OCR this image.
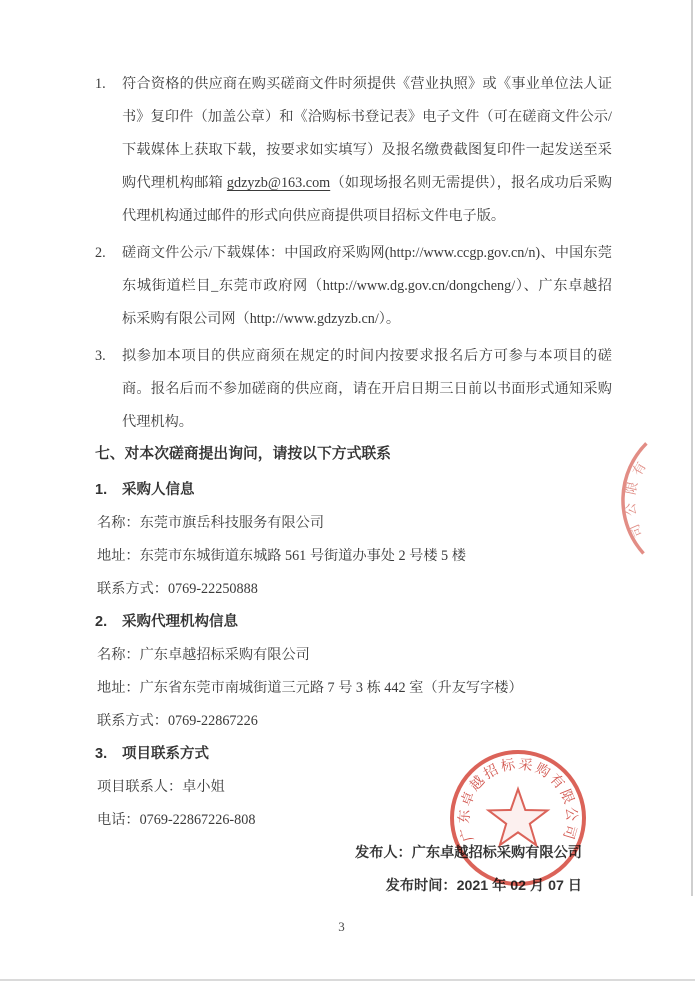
1.	符合资格的供应商在购买磋商文件时须提供《营业执照》或《事业单位法人证书》复印件（加盖公章）和《洽购标书登记表》电子文件（可在磋商文件公示/下载媒体上获取下载，按要求如实填写）及报名缴费截图复印件一起发送至采购代理机构邮箱 gdzyzb@163.com（如现场报名则无需提供），报名成功后采购代理机构通过邮件的形式向供应商提供项目招标文件电子版。
2.	磋商文件公示/下载媒体：中国政府采购网(http://www.ccgp.gov.cn/n)、中国东莞东城街道栏目_东莞市政府网（http://www.dg.gov.cn/dongcheng/）、广东卓越招标采购有限公司网（http://www.gdzyzb.cn/）。
3.	拟参加本项目的供应商须在规定的时间内按要求报名后方可参与本项目的磋商。报名后而不参加磋商的供应商，请在开启日期三日前以书面形式通知采购代理机构。
七、 对本次磋商提出询问，请按以下方式联系
1.	采购人信息
名称：东莞市旗岳科技服务有限公司
地址：东莞市东城街道东城路 561 号街道办事处 2 号楼 5 楼
联系方式：0769-22250888
2.	采购代理机构信息
名称：广东卓越招标采购有限公司
地址：广东省东莞市南城街道三元路 7 号 3 栋 442 室（升友写字楼）
联系方式：0769-22867226
3.	项目联系方式
项目联系人：卓小姐
电话：0769-22867226-808
发布人：广东卓越招标采购有限公司
发布时间：2021 年 02 月 07 日
3
广东卓越招标采购有限公司
有
限
公
司
